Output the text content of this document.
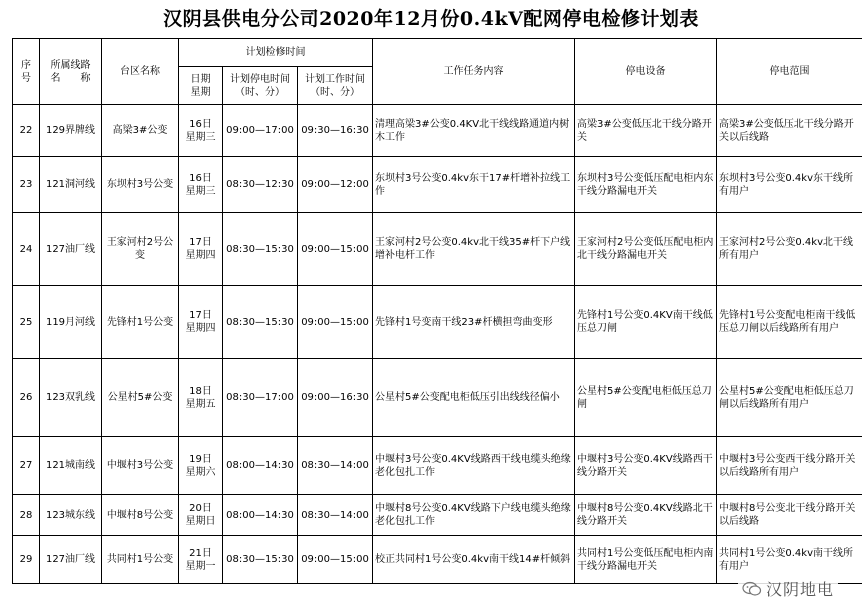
汉阴县供电分公司2020年12月份0.4kV配网停电检修计划表
序
号	所属线路
名　　称	台区名称	计划检修时间			工作任务内容	停电设备	停电范围

			日期
星期	计划停电时间
（时、分）	计划工作时间
（时、分）			

22	129界牌线	高梁3#公变	16日
星期三	09:00—17:00	09:30—16:30	清理高梁3#公变0.4KV北干线线路通道内树木工作	高梁3#公变低压北干线分路开关	高梁3#公变低压北干线分路开关以后线路
23	121洞河线	东坝村3号公变	16日
星期三	08:30—12:30	09:00—12:00	东坝村3号公变0.4kv东干17#杆增补拉线工作	东坝村3号公变低压配电柜内东干线分路漏电开关	东坝村3号公变0.4kv东干线所有用户
24	127油厂线	王家河村2号公变	17日
星期四	08:30—15:30	09:00—15:00	王家河村2号公变0.4kv北干线35#杆下户线增补电杆工作	王家河村2号公变低压配电柜内北干线分路漏电开关	王家河村2号公变0.4kv北干线所有用户
25	119月河线	先锋村1号公变	17日
星期四	08:30—15:30	09:00—15:00	先锋村1号变南干线23#杆横担弯曲变形	先锋村1号公变0.4KV南干线低压总刀闸	先锋村1号公变配电柜南干线低压总刀闸以后线路所有用户
26	123双乳线	公星村5#公变	18日
星期五	08:30—17:00	09:00—16:30	公星村5#公变配电柜低压引出线线径偏小	公星村5#公变配电柜低压总刀闸	公星村5#公变配电柜低压总刀闸以后线路所有用户
27	121城南线	中堰村3号公变	19日
星期六	08:00—14:30	08:30—14:00	中堰村3号公变0.4KV线路西干线电缆头绝缘老化包扎工作	中堰村3号公变0.4KV线路西干线分路开关	中堰村3号公变西干线分路开关以后线路所有用户
28	123城东线	中堰村8号公变	20日
星期日	08:00—14:30	08:30—14:00	中堰村8号公变0.4KV线路下户线电缆头绝缘老化包扎工作	中堰村8号公变0.4KV线路北干线分路开关	中堰村8号公变北干线分路开关以后线路
29	127油厂线	共同村1号公变	21日
星期一	08:30—15:30	09:00—15:00	校正共同村1号公变0.4kv南干线14#杆倾斜	共同村1号公变低压配电柜内南干线分路漏电开关	共同村1号公变0.4kv南干线所有用户
汉阴地电
